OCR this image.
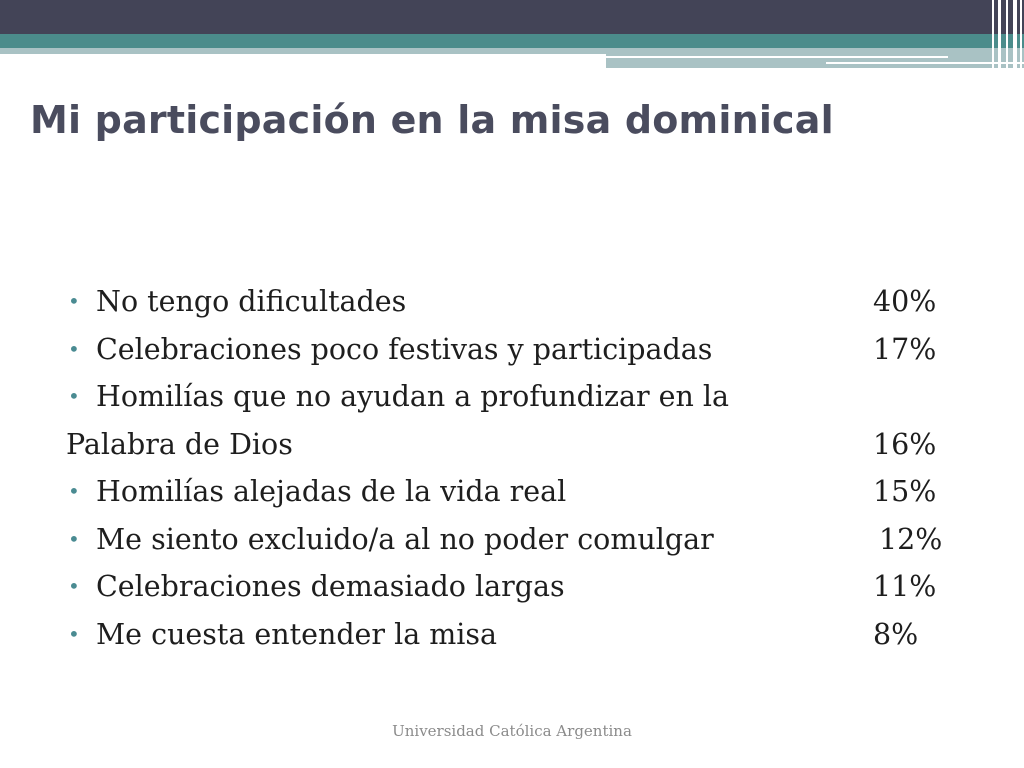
Mi participación en la misa dominical
• No tengo dificultades	40%
• Celebraciones poco festivas y participadas	17%
• Homilías que no ayudan a profundizar en la
Palabra de Dios	16%
• Homilías alejadas de la vida real	15%
• Me siento excluido/a al no poder comulgar	12%
• Celebraciones demasiado largas	11%
• Me cuesta entender la misa	8%
Universidad Católica Argentina
